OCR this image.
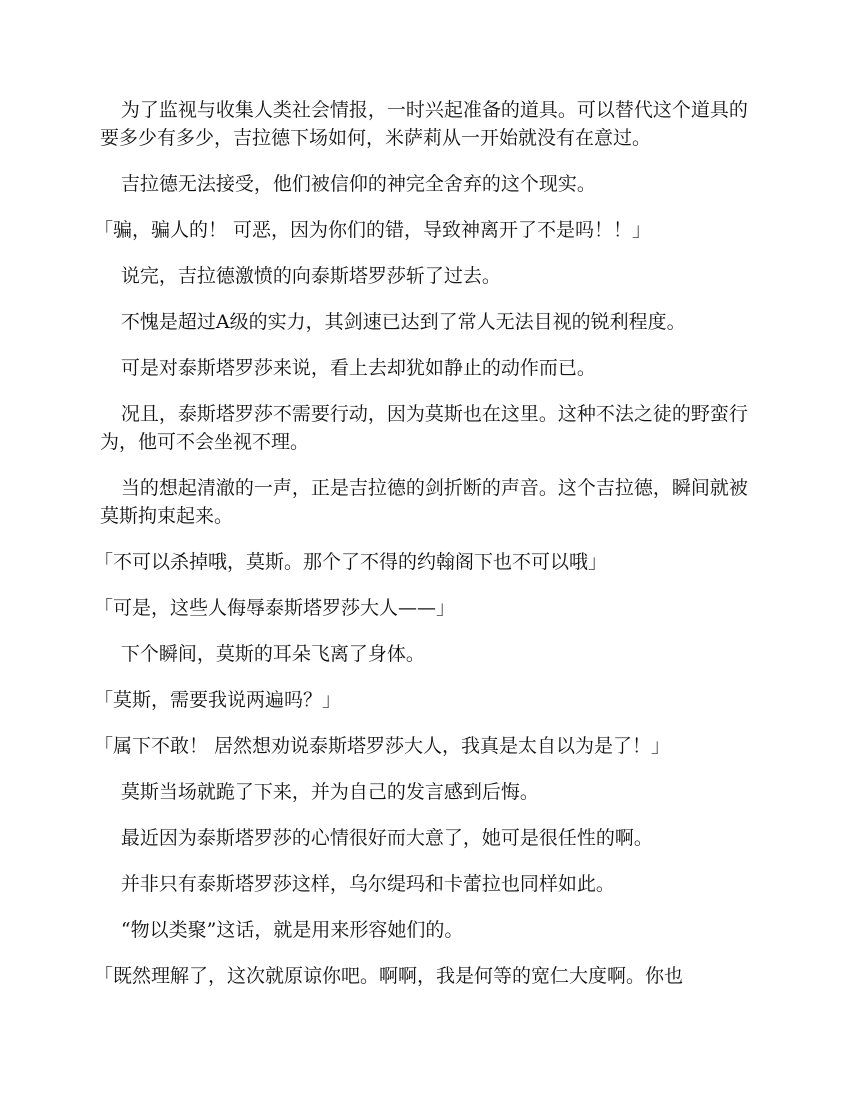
为了监视与收集人类社会情报，一时兴起准备的道具。可以替代这个道具的要多少有多少，吉拉德下场如何，米萨莉从一开始就没有在意过。

吉拉德无法接受，他们被信仰的神完全舍弃的这个现实。

「骗，骗人的！ 可恶，因为你们的错，导致神离开了不是吗！！」

说完，吉拉德激愤的向泰斯塔罗莎斩了过去。

不愧是超过A级的实力，其剑速已达到了常人无法目视的锐利程度。

可是对泰斯塔罗莎来说，看上去却犹如静止的动作而已。

况且，泰斯塔罗莎不需要行动，因为莫斯也在这里。这种不法之徒的野蛮行为，他可不会坐视不理。

当的想起清澈的一声，正是吉拉德的剑折断的声音。这个吉拉德，瞬间就被莫斯拘束起来。

「不可以杀掉哦，莫斯。那个了不得的约翰阁下也不可以哦」

「可是，这些人侮辱泰斯塔罗莎大人——」

下个瞬间，莫斯的耳朵飞离了身体。

「莫斯，需要我说两遍吗？」

「属下不敢！ 居然想劝说泰斯塔罗莎大人，我真是太自以为是了！」

莫斯当场就跪了下来，并为自己的发言感到后悔。

最近因为泰斯塔罗莎的心情很好而大意了，她可是很任性的啊。

并非只有泰斯塔罗莎这样，乌尔缇玛和卡蕾拉也同样如此。

“物以类聚”这话，就是用来形容她们的。

「既然理解了，这次就原谅你吧。啊啊，我是何等的宽仁大度啊。你也
